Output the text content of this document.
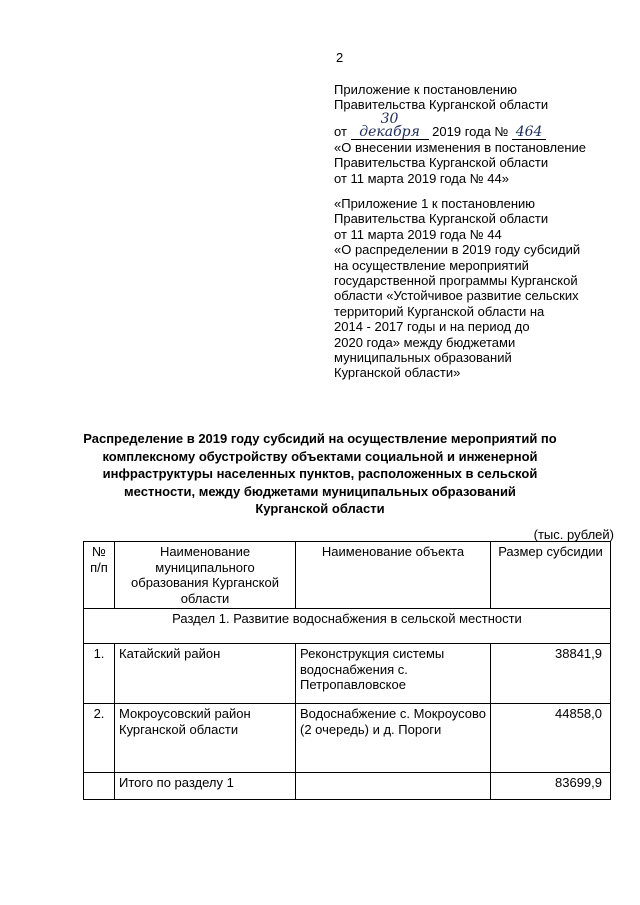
2
Приложение к постановлению
Правительства Курганской области
от 30 декабря 2019 года № 464
«О внесении изменения в постановление
Правительства Курганской области
от 11 марта 2019 года № 44»
«Приложение 1 к постановлению
Правительства Курганской области
от 11 марта 2019 года № 44
«О распределении в 2019 году субсидий
на осуществление мероприятий
государственной программы Курганской
области «Устойчивое развитие сельских
территорий Курганской области на
2014 - 2017 годы и на период до
2020 года» между бюджетами
муниципальных образований
Курганской области»
Распределение в 2019 году субсидий на осуществление мероприятий по
комплексному обустройству объектами социальной и инженерной
инфраструктуры населенных пунктов, расположенных в сельской
местности, между бюджетами муниципальных образований
Курганской области
(тыс. рублей)
№ п/п	Наименование муниципального образования Курганской области	Наименование объекта	Размер субсидии
Раздел 1. Развитие водоснабжения в сельской местности			
1.	Катайский район	Реконструкция системы водоснабжения с. Петропавловское	38841,9
2.	Мокроусовский район Курганской области	Водоснабжение с. Мокроусово (2 очередь) и д. Пороги	44858,0
	Итого по разделу 1		83699,9
